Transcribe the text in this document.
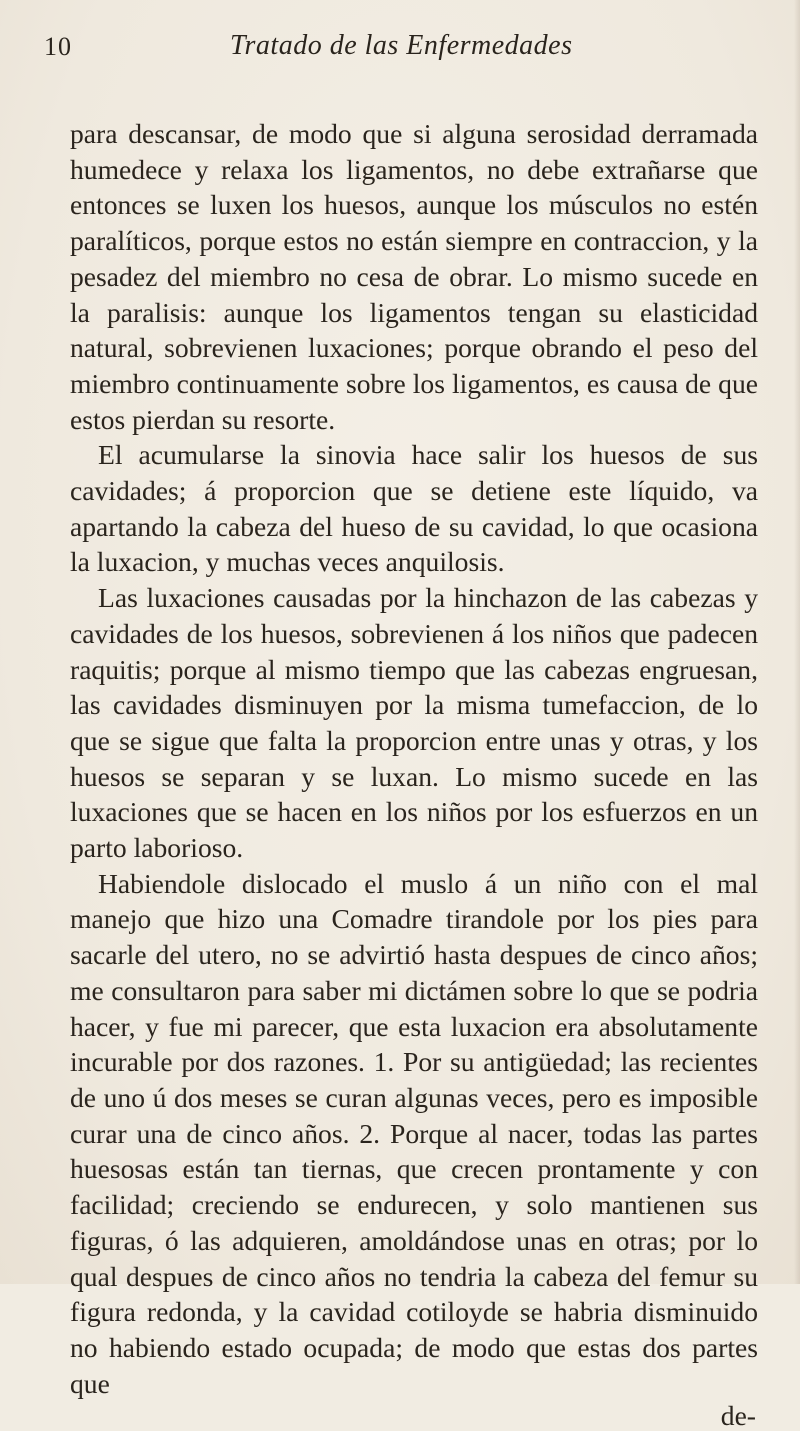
10	Tratado de las Enfermedades

para descansar, de modo que si alguna serosidad derramada humedece y relaxa los ligamentos, no debe extrañarse que entonces se luxen los huesos, aunque los músculos no estén paralíticos, porque estos no están siempre en contraccion, y la pesadez del miembro no cesa de obrar. Lo mismo sucede en la paralisis: aunque los ligamentos tengan su elasticidad natural, sobrevienen luxaciones; porque obrando el peso del miembro continuamente sobre los ligamentos, es causa de que estos pierdan su resorte.

El acumularse la sinovia hace salir los huesos de sus cavidades; á proporcion que se detiene este líquido, va apartando la cabeza del hueso de su cavidad, lo que ocasiona la luxacion, y muchas veces anquilosis.

Las luxaciones causadas por la hinchazon de las cabezas y cavidades de los huesos, sobrevienen á los niños que padecen raquitis; porque al mismo tiempo que las cabezas engruesan, las cavidades disminuyen por la misma tumefaccion, de lo que se sigue que falta la proporcion entre unas y otras, y los huesos se separan y se luxan. Lo mismo sucede en las luxaciones que se hacen en los niños por los esfuerzos en un parto laborioso.

Habiendole dislocado el muslo á un niño con el mal manejo que hizo una Comadre tirandole por los pies para sacarle del utero, no se advirtió hasta despues de cinco años; me consultaron para saber mi dictámen sobre lo que se podria hacer, y fue mi parecer, que esta luxacion era absolutamente incurable por dos razones. 1. Por su antigüedad; las recientes de uno ú dos meses se curan algunas veces, pero es imposible curar una de cinco años. 2. Porque al nacer, todas las partes huesosas están tan tiernas, que crecen prontamente y con facilidad; creciendo se endurecen, y solo mantienen sus figuras, ó las adquieren, amoldándose unas en otras; por lo qual despues de cinco años no tendria la cabeza del femur su figura redonda, y la cavidad cotiloyde se habria disminuido no habiendo estado ocupada; de modo que estas dos partes que

de-
